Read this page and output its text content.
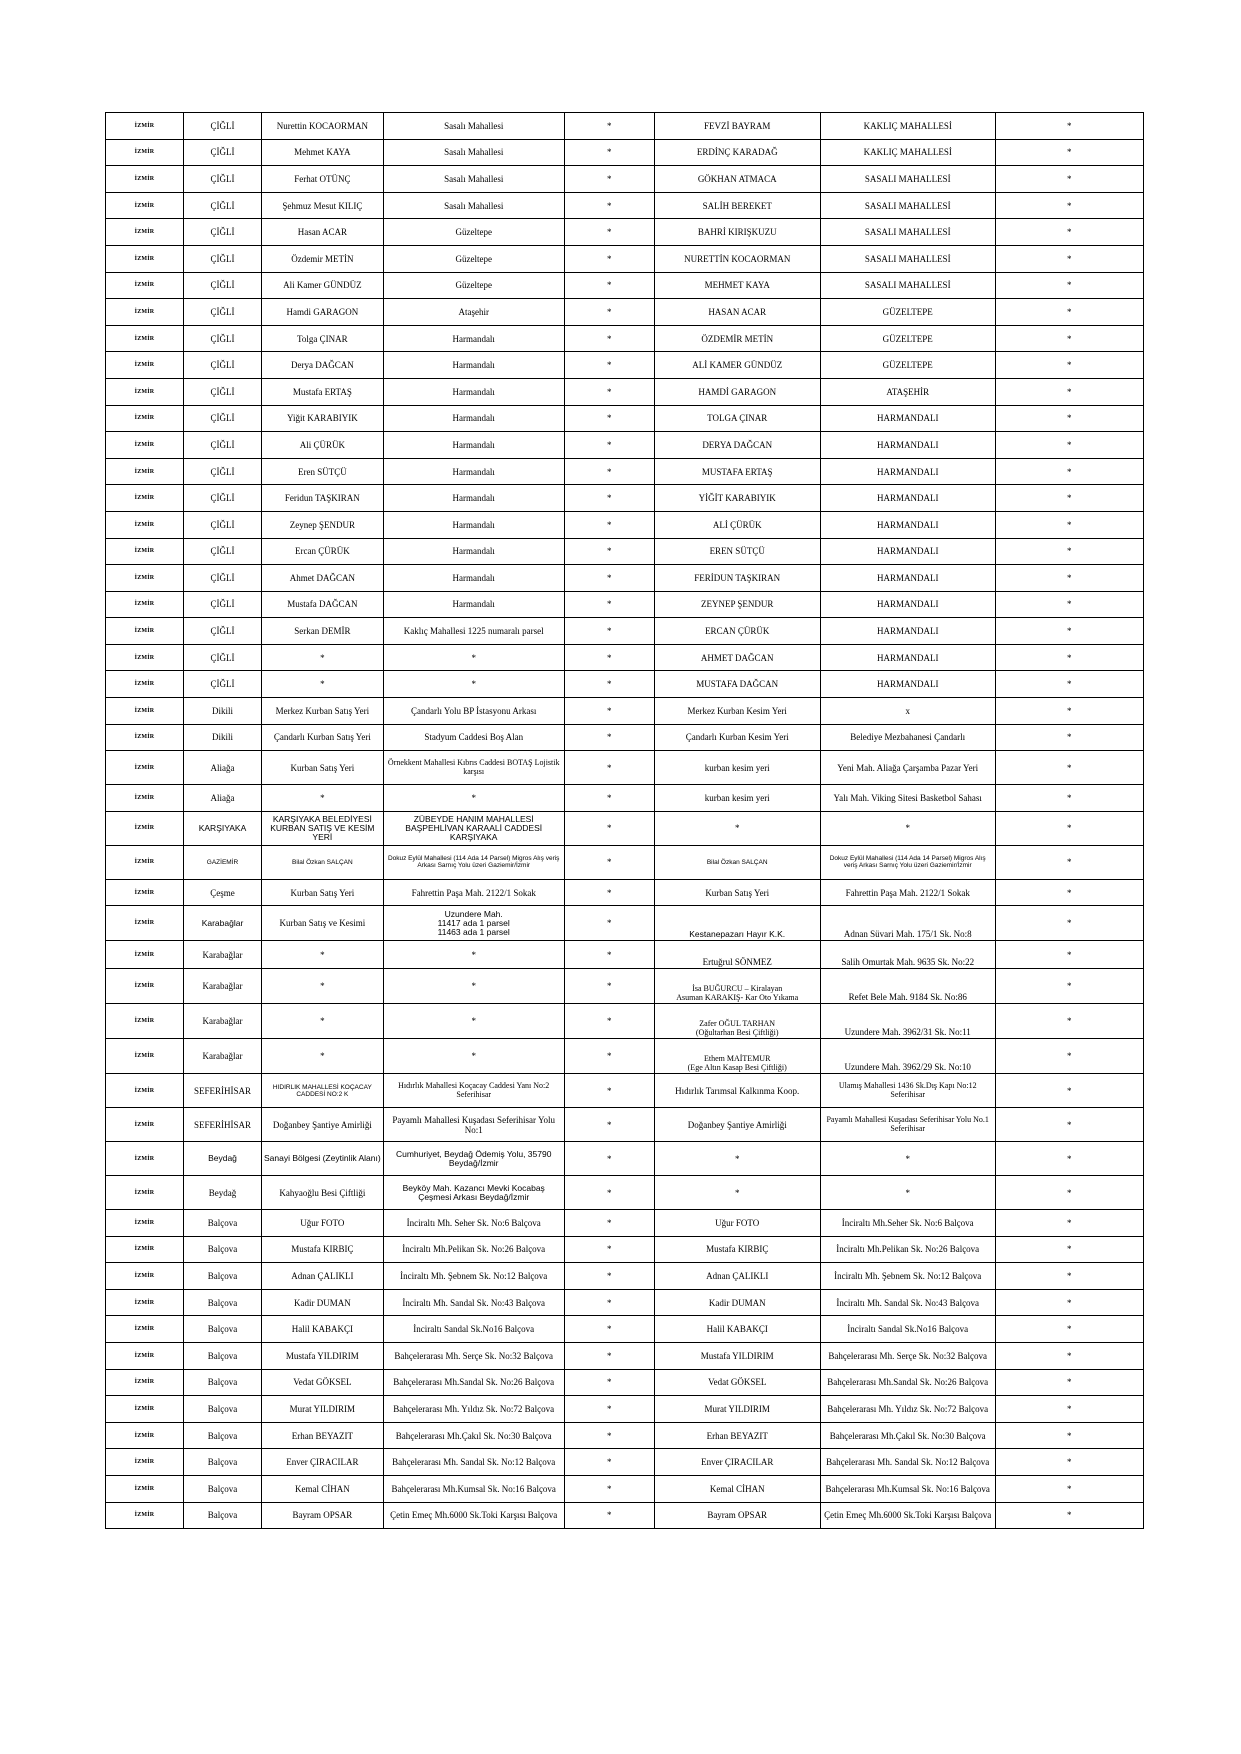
İZMİR	ÇİĞLİ	Nurettin KOCAORMAN	Sasalı Mahallesi	*	FEVZİ BAYRAM	KAKLIÇ MAHALLESİ	*
İZMİR	ÇİĞLİ	Mehmet KAYA	Sasalı Mahallesi	*	ERDİNÇ KARADAĞ	KAKLIÇ MAHALLESİ	*
İZMİR	ÇİĞLİ	Ferhat OTÜNÇ	Sasalı Mahallesi	*	GÖKHAN ATMACA	SASALI MAHALLESİ	*
İZMİR	ÇİĞLİ	Şehmuz Mesut KILIÇ	Sasalı Mahallesi	*	SALİH BEREKET	SASALI MAHALLESİ	*
İZMİR	ÇİĞLİ	Hasan ACAR	Güzeltepe	*	BAHRİ KIRIŞKUZU	SASALI MAHALLESİ	*
İZMİR	ÇİĞLİ	Özdemir METİN	Güzeltepe	*	NURETTİN KOCAORMAN	SASALI MAHALLESİ	*
İZMİR	ÇİĞLİ	Ali Kamer GÜNDÜZ	Güzeltepe	*	MEHMET KAYA	SASALI MAHALLESİ	*
İZMİR	ÇİĞLİ	Hamdi GARAGON	Ataşehir	*	HASAN ACAR	GÜZELTEPE	*
İZMİR	ÇİĞLİ	Tolga ÇINAR	Harmandalı	*	ÖZDEMİR METİN	GÜZELTEPE	*
İZMİR	ÇİĞLİ	Derya DAĞCAN	Harmandalı	*	ALİ KAMER GÜNDÜZ	GÜZELTEPE	*
İZMİR	ÇİĞLİ	Mustafa ERTAŞ	Harmandalı	*	HAMDİ GARAGON	ATAŞEHİR	*
İZMİR	ÇİĞLİ	Yiğit KARABIYIK	Harmandalı	*	TOLGA ÇINAR	HARMANDALI	*
İZMİR	ÇİĞLİ	Ali ÇÜRÜK	Harmandalı	*	DERYA DAĞCAN	HARMANDALI	*
İZMİR	ÇİĞLİ	Eren SÜTÇÜ	Harmandalı	*	MUSTAFA ERTAŞ	HARMANDALI	*
İZMİR	ÇİĞLİ	Feridun TAŞKIRAN	Harmandalı	*	YİĞİT KARABIYIK	HARMANDALI	*
İZMİR	ÇİĞLİ	Zeynep ŞENDUR	Harmandalı	*	ALİ ÇÜRÜK	HARMANDALI	*
İZMİR	ÇİĞLİ	Ercan ÇÜRÜK	Harmandalı	*	EREN SÜTÇÜ	HARMANDALI	*
İZMİR	ÇİĞLİ	Ahmet DAĞCAN	Harmandalı	*	FERİDUN TAŞKIRAN	HARMANDALI	*
İZMİR	ÇİĞLİ	Mustafa DAĞCAN	Harmandalı	*	ZEYNEP ŞENDUR	HARMANDALI	*
İZMİR	ÇİĞLİ	Serkan DEMİR	Kaklıç Mahallesi 1225 numaralı parsel	*	ERCAN ÇÜRÜK	HARMANDALI	*
İZMİR	ÇİĞLİ	*	*	*	AHMET DAĞCAN	HARMANDALI	*
İZMİR	ÇİĞLİ	*	*	*	MUSTAFA DAĞCAN	HARMANDALI	*
İZMİR	Dikili	Merkez Kurban Satış Yeri	Çandarlı Yolu BP İstasyonu Arkası	*	Merkez Kurban Kesim Yeri	x	*
İZMİR	Dikili	Çandarlı Kurban Satış Yeri	Stadyum Caddesi Boş Alan	*	Çandarlı Kurban Kesim Yeri	Belediye Mezbahanesi Çandarlı	*
İZMİR	Aliağa	Kurban Satış Yeri	Örnekkent Mahallesi Kıbrıs Caddesi BOTAŞ Lojistik karşısı	*	kurban kesim yeri	Yeni Mah. Aliağa Çarşamba Pazar Yeri	*
İZMİR	Aliağa	*	*	*	kurban kesim yeri	Yalı Mah. Viking Sitesi Basketbol Sahası	*
İZMİR	KARŞIYAKA	KARŞIYAKA BELEDİYESİ KURBAN SATIŞ VE KESİM YERİ	ZÜBEYDE HANIM MAHALLESİ BAŞPEHLİVAN KARAALİ CADDESİ KARŞIYAKA	*	*	*	*
İZMİR	GAZİEMİR	Bilal Özkan SALÇAN	Dokuz Eylül Mahallesi (114 Ada 14 Parsel) Migros Alış veriş Arkası Sarnıç Yolu üzeri Gaziemir/İzmir	*	Bilal Özkan SALÇAN	Dokuz Eylül Mahallesi (114 Ada 14 Parsel) Migros Alış veriş Arkası Sarnıç Yolu üzeri Gaziemir/İzmir	*
İZMİR	Çeşme	Kurban Satış Yeri	Fahrettin Paşa Mah. 2122/1 Sokak	*	Kurban Satış Yeri	Fahrettin Paşa Mah. 2122/1 Sokak	*
İZMİR	Karabağlar	Kurban Satış ve Kesimi	Uzundere Mah.
11417 ada 1 parsel
11463 ada 1 parsel	*	Kestanepazarı Hayır K.K.	Adnan Süvari Mah. 175/1 Sk. No:8	*
İZMİR	Karabağlar	*	*	*	Ertuğrul SÖNMEZ	Salih Omurtak Mah. 9635 Sk. No:22	*
İZMİR	Karabağlar	*	*	*	İsa BUĞURCU – Kiralayan
Asuman KARAKIŞ- Kar Oto Yıkama	Refet Bele Mah. 9184 Sk. No:86	*
İZMİR	Karabağlar	*	*	*	Zafer OĞUL TARHAN
(Oğultarhan Besi Çiftliği)	Uzundere Mah. 3962/31 Sk. No:11	*
İZMİR	Karabağlar	*	*	*	Ethem MAİTEMUR
(Ege Altın Kasap Besi Çiftliği)	Uzundere Mah. 3962/29 Sk. No:10	*
İZMİR	SEFERİHİSAR	HIDIRLIK MAHALLESİ KOÇACAY CADDESİ NO:2 K	Hıdırlık Mahallesi Koçacay Caddesi Yanı No:2 Seferihisar	*	Hıdırlık Tarımsal Kalkınma Koop.	Ulamış Mahallesi 1436 Sk.Dış Kapı No:12 Seferihisar	*
İZMİR	SEFERİHİSAR	Doğanbey Şantiye Amirliği	Payamlı Mahallesi Kuşadası Seferihisar Yolu No:1	*	Doğanbey Şantiye Amirliği	Payamlı Mahallesi Kuşadası Seferihisar Yolu No.1 Seferihisar	*
İZMİR	Beydağ	Sanayi Bölgesi (Zeytinlik Alanı)	Cumhuriyet, Beydağ Ödemiş Yolu, 35790 Beydağ/İzmir	*	*	*	*
İZMİR	Beydağ	Kahyaoğlu Besi Çiftliği	Beyköy Mah. Kazancı Mevki Kocabaş Çeşmesi Arkası Beydağ/İzmir	*	*	*	*
İZMİR	Balçova	Uğur FOTO	İnciraltı Mh. Seher Sk. No:6 Balçova	*	Uğur FOTO	İnciraltı Mh.Seher Sk. No:6 Balçova	*
İZMİR	Balçova	Mustafa KIRBIÇ	İnciraltı Mh.Pelikan Sk. No:26 Balçova	*	Mustafa KIRBIÇ	İnciraltı Mh.Pelikan Sk. No:26 Balçova	*
İZMİR	Balçova	Adnan ÇALIKLI	İnciraltı Mh. Şebnem Sk. No:12 Balçova	*	Adnan ÇALIKLI	İnciraltı Mh. Şebnem Sk. No:12 Balçova	*
İZMİR	Balçova	Kadir DUMAN	İnciraltı Mh. Sandal Sk. No:43 Balçova	*	Kadir DUMAN	İnciraltı Mh. Sandal Sk. No:43 Balçova	*
İZMİR	Balçova	Halil KABAKÇI	İnciraltı Sandal Sk.No16 Balçova	*	Halil KABAKÇI	İnciraltı Sandal Sk.No16 Balçova	*
İZMİR	Balçova	Mustafa YILDIRIM	Bahçelerarası Mh. Serçe Sk. No:32 Balçova	*	Mustafa YILDIRIM	Bahçelerarası Mh. Serçe Sk. No:32 Balçova	*
İZMİR	Balçova	Vedat GÖKSEL	Bahçelerarası Mh.Sandal Sk. No:26 Balçova	*	Vedat GÖKSEL	Bahçelerarası Mh.Sandal Sk. No:26 Balçova	*
İZMİR	Balçova	Murat YILDIRIM	Bahçelerarası Mh. Yıldız Sk. No:72 Balçova	*	Murat YILDIRIM	Bahçelerarası Mh. Yıldız Sk. No:72 Balçova	*
İZMİR	Balçova	Erhan BEYAZIT	Bahçelerarası Mh.Çakıl Sk. No:30 Balçova	*	Erhan BEYAZIT	Bahçelerarası Mh.Çakıl Sk. No:30 Balçova	*
İZMİR	Balçova	Enver ÇIRACILAR	Bahçelerarası Mh. Sandal Sk. No:12 Balçova	*	Enver ÇIRACILAR	Bahçelerarası Mh. Sandal Sk. No:12 Balçova	*
İZMİR	Balçova	Kemal CİHAN	Bahçelerarası Mh.Kumsal Sk. No:16 Balçova	*	Kemal CİHAN	Bahçelerarası Mh.Kumsal Sk. No:16 Balçova	*
İZMİR	Balçova	Bayram OPSAR	Çetin Emeç Mh.6000 Sk.Toki Karşısı Balçova	*	Bayram OPSAR	Çetin Emeç Mh.6000 Sk.Toki Karşısı Balçova	*
